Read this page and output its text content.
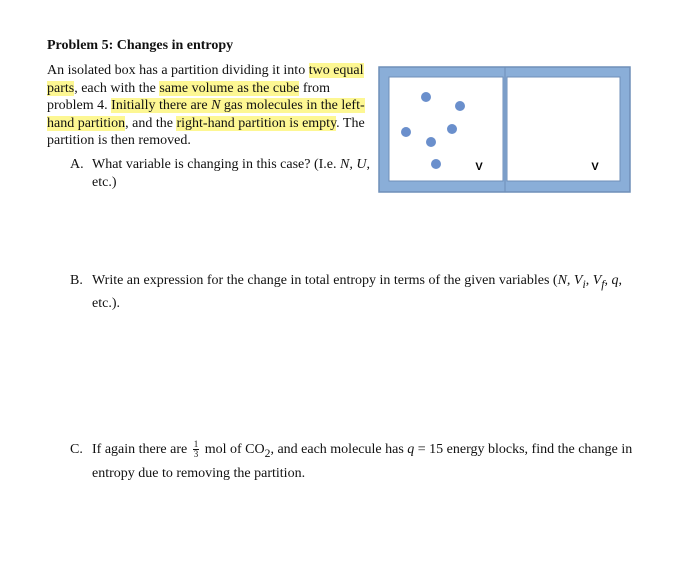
Problem 5: Changes in entropy
An isolated box has a partition dividing it into two equal parts, each with the same volume as the cube from problem 4. Initially there are N gas molecules in the left-hand partition, and the right-hand partition is empty. The partition is then removed.
A. What variable is changing in this case? (I.e. N, U, etc.)
B. Write an expression for the change in total entropy in terms of the given variables (N, $V_i$, $V_f$, q, etc.).
C. If again there are $\frac{1}{3}$ mol of $CO_2$, and each molecule has q = 15 energy blocks, find the change in entropy due to removing the partition.
V	V
